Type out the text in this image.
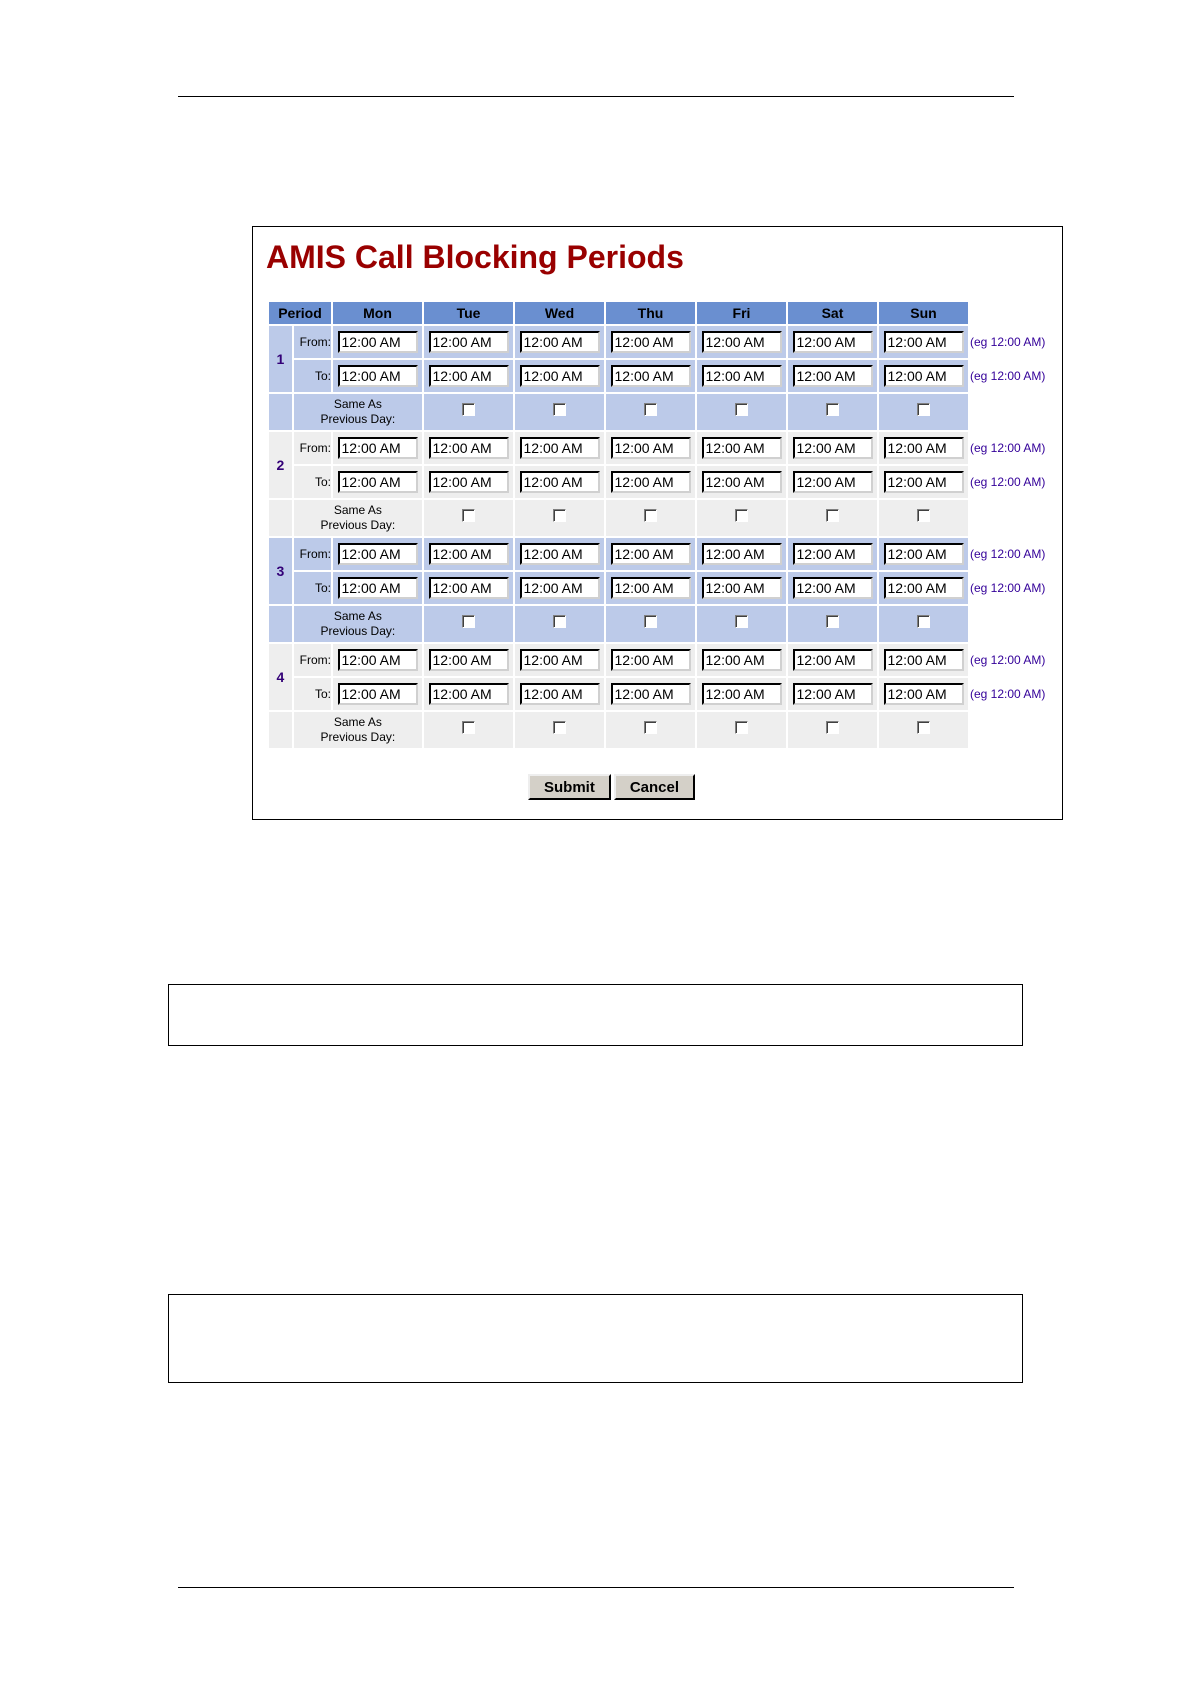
AMIS Call Blocking Periods
Period		Mon	Tue	Wed	Thu	Fri	Sat	Sun	
1	From:	12:00 AM	12:00 AM	12:00 AM	12:00 AM	12:00 AM	12:00 AM	12:00 AM	(eg 12:00 AM)
	To:	12:00 AM	12:00 AM	12:00 AM	12:00 AM	12:00 AM	12:00 AM	12:00 AM	(eg 12:00 AM)
	Same As
Previous Day:								
2	From:	12:00 AM	12:00 AM	12:00 AM	12:00 AM	12:00 AM	12:00 AM	12:00 AM	(eg 12:00 AM)
	To:	12:00 AM	12:00 AM	12:00 AM	12:00 AM	12:00 AM	12:00 AM	12:00 AM	(eg 12:00 AM)
	Same As
Previous Day:								
3	From:	12:00 AM	12:00 AM	12:00 AM	12:00 AM	12:00 AM	12:00 AM	12:00 AM	(eg 12:00 AM)
	To:	12:00 AM	12:00 AM	12:00 AM	12:00 AM	12:00 AM	12:00 AM	12:00 AM	(eg 12:00 AM)
	Same As
Previous Day:								
4	From:	12:00 AM	12:00 AM	12:00 AM	12:00 AM	12:00 AM	12:00 AM	12:00 AM	(eg 12:00 AM)
	To:	12:00 AM	12:00 AM	12:00 AM	12:00 AM	12:00 AM	12:00 AM	12:00 AM	(eg 12:00 AM)
	Same As
Previous Day:								
Submit Cancel
